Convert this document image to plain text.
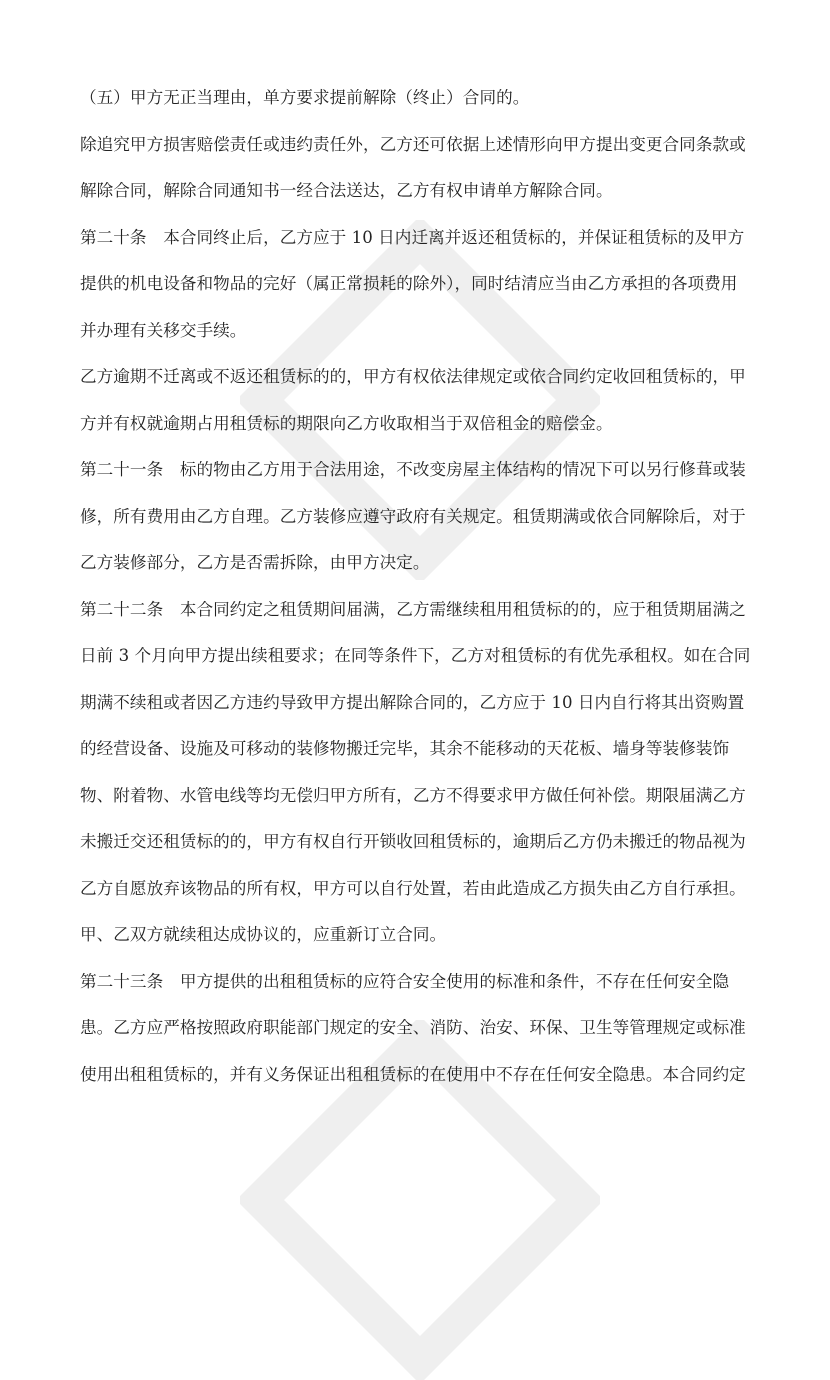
（五）甲方无正当理由，单方要求提前解除（终止）合同的。
除追究甲方损害赔偿责任或违约责任外，乙方还可依据上述情形向甲方提出变更合同条款或
解除合同，解除合同通知书一经合法送达，乙方有权申请单方解除合同。
第二十条　本合同终止后，乙方应于 10 日内迁离并返还租赁标的，并保证租赁标的及甲方
提供的机电设备和物品的完好（属正常损耗的除外），同时结清应当由乙方承担的各项费用
并办理有关移交手续。
乙方逾期不迁离或不返还租赁标的的，甲方有权依法律规定或依合同约定收回租赁标的，甲
方并有权就逾期占用租赁标的期限向乙方收取相当于双倍租金的赔偿金。
第二十一条　标的物由乙方用于合法用途，不改变房屋主体结构的情况下可以另行修葺或装
修，所有费用由乙方自理。乙方装修应遵守政府有关规定。租赁期满或依合同解除后，对于
乙方装修部分，乙方是否需拆除，由甲方决定。
第二十二条　本合同约定之租赁期间届满，乙方需继续租用租赁标的的，应于租赁期届满之
日前 3 个月向甲方提出续租要求；在同等条件下，乙方对租赁标的有优先承租权。如在合同
期满不续租或者因乙方违约导致甲方提出解除合同的，乙方应于 10 日内自行将其出资购置
的经营设备、设施及可移动的装修物搬迁完毕，其余不能移动的天花板、墙身等装修装饰
物、附着物、水管电线等均无偿归甲方所有，乙方不得要求甲方做任何补偿。期限届满乙方
未搬迁交还租赁标的的，甲方有权自行开锁收回租赁标的，逾期后乙方仍未搬迁的物品视为
乙方自愿放弃该物品的所有权，甲方可以自行处置，若由此造成乙方损失由乙方自行承担。
甲、乙双方就续租达成协议的，应重新订立合同。
第二十三条　甲方提供的出租租赁标的应符合安全使用的标准和条件，不存在任何安全隐
患。乙方应严格按照政府职能部门规定的安全、消防、治安、环保、卫生等管理规定或标准
使用出租租赁标的，并有义务保证出租租赁标的在使用中不存在任何安全隐患。本合同约定
